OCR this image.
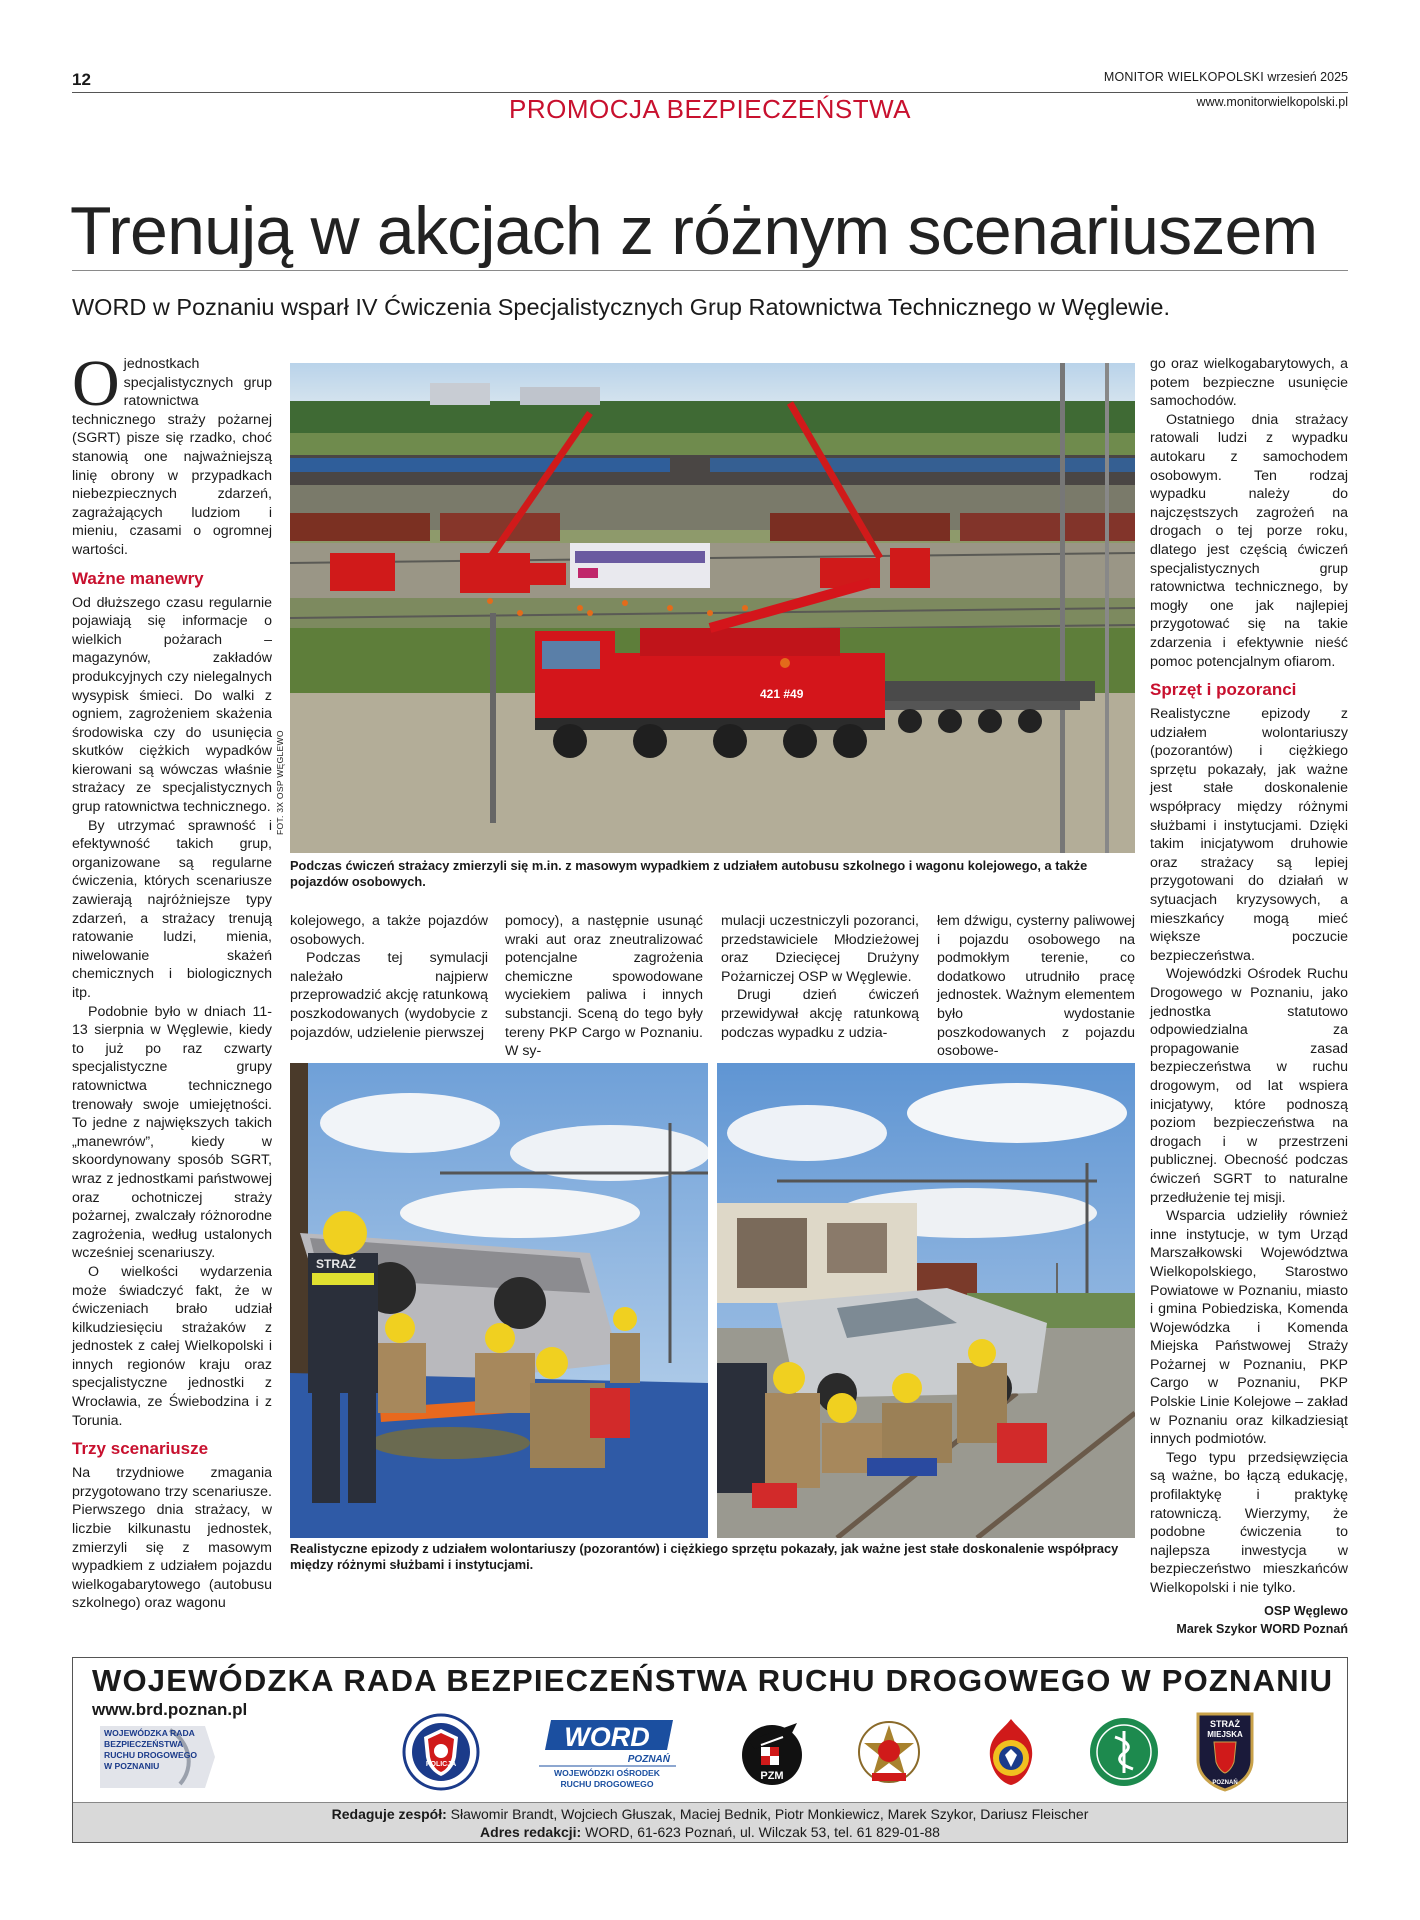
12
PROMOCJA BEZPIECZEŃSTWA
MONITOR WIELKOPOLSKI wrzesień 2025
www.monitorwielkopolski.pl
Trenują w akcjach z różnym scenariuszem
WORD w Poznaniu wsparł IV Ćwiczenia Specjalistycznych Grup Ratownictwa Technicznego w Węglewie.

Ojednostkach specjalistycznych grup ratownictwa technicznego straży pożarnej (SGRT) pisze się rzadko, choć stanowią one najważniejszą linię obrony w przypadkach niebezpiecznych zdarzeń, zagrażających ludziom i mieniu, czasami o ogromnej wartości.

Ważne manewry

Od dłuższego czasu regularnie pojawiają się informacje o wielkich pożarach – magazynów, zakładów produkcyjnych czy nielegalnych wysypisk śmieci. Do walki z ogniem, zagrożeniem skażenia środowiska czy do usunięcia skutków ciężkich wypadków kierowani są wówczas właśnie strażacy ze specjalistycznych grup ratownictwa technicznego.

By utrzymać sprawność i efektywność takich grup, organizowane są regularne ćwiczenia, których scenariusze zawierają najróżniejsze typy zdarzeń, a strażacy trenują ratowanie ludzi, mienia, niwelowanie skażeń chemicznych i biologicznych itp.

Podobnie było w dniach 11-13 sierpnia w Węglewie, kiedy to już po raz czwarty specjalistyczne grupy ratownictwa technicznego trenowały swoje umiejętności. To jedne z największych takich „manewrów”, kiedy w skoordynowany sposób SGRT, wraz z jednostkami państwowej oraz ochotniczej straży pożarnej, zwalczały różnorodne zagrożenia, według ustalonych wcześniej scenariuszy.

O wielkości wydarzenia może świadczyć fakt, że w ćwiczeniach brało udział kilkudziesięciu strażaków z jednostek z całej Wielkopolski i innych regionów kraju oraz specjalistyczne jednostki z Wrocławia, ze Świebodzina i z Torunia.

Trzy scenariusze

Na trzydniowe zmagania przygotowano trzy scenariusze. Pierwszego dnia strażacy, w liczbie kilkunastu jednostek, zmierzyli się z masowym wypadkiem z udziałem pojazdu wielkogabarytowego (autobusu szkolnego) oraz wagonu

421 #49
FOT. 3X OSP WĘGLEWO
Podczas ćwiczeń strażacy zmierzyli się m.in. z masowym wypadkiem z udziałem autobusu szkolnego i wagonu kolejowego, a także pojazdów osobowych.

kolejowego, a także pojazdów osobowych.

Podczas tej symulacji należało najpierw przeprowadzić akcję ratunkową poszkodowanych (wydobycie z pojazdów, udzielenie pierwszej

pomocy), a następnie usunąć wraki aut oraz zneutralizować potencjalne zagrożenia chemiczne spowodowane wyciekiem paliwa i innych substancji. Sceną do tego były tereny PKP Cargo w Poznaniu. W sy-

mulacji uczestniczyli pozoranci, przedstawiciele Młodzieżowej oraz Dziecięcej Drużyny Pożarniczej OSP w Węglewie.

Drugi dzień ćwiczeń przewidywał akcję ratunkową podczas wypadku z udzia-

łem dźwigu, cysterny paliwowej i pojazdu osobowego na podmokłym terenie, co dodatkowo utrudniło pracę jednostek. Ważnym elementem było wydostanie poszkodowanych z pojazdu osobowe-

STRAŻ
Realistyczne epizody z udziałem wolontariuszy (pozorantów) i ciężkiego sprzętu pokazały, jak ważne jest stałe doskonalenie współpracy między różnymi służbami i instytucjami.

go oraz wielkogabarytowych, a potem bezpieczne usunięcie samochodów.

Ostatniego dnia strażacy ratowali ludzi z wypadku autokaru z samochodem osobowym. Ten rodzaj wypadku należy do najczęstszych zagrożeń na drogach o tej porze roku, dlatego jest częścią ćwiczeń specjalistycznych grup ratownictwa technicznego, by mogły one jak najlepiej przygotować się na takie zdarzenia i efektywnie nieść pomoc potencjalnym ofiarom.

Sprzęt i pozoranci

Realistyczne epizody z udziałem wolontariuszy (pozorantów) i ciężkiego sprzętu pokazały, jak ważne jest stałe doskonalenie współpracy między różnymi służbami i instytucjami. Dzięki takim inicjatywom druhowie oraz strażacy są lepiej przygotowani do działań w sytuacjach kryzysowych, a mieszkańcy mogą mieć większe poczucie bezpieczeństwa.

Wojewódzki Ośrodek Ruchu Drogowego w Poznaniu, jako jednostka statutowo odpowiedzialna za propagowanie zasad bezpieczeństwa w ruchu drogowym, od lat wspiera inicjatywy, które podnoszą poziom bezpieczeństwa na drogach i w przestrzeni publicznej. Obecność podczas ćwiczeń SGRT to naturalne przedłużenie tej misji.

Wsparcia udzieliły również inne instytucje, w tym Urząd Marszałkowski Województwa Wielkopolskiego, Starostwo Powiatowe w Poznaniu, miasto i gmina Pobiedziska, Komenda Wojewódzka i Komenda Miejska Państwowej Straży Pożarnej w Poznaniu, PKP Cargo w Poznaniu, PKP Polskie Linie Kolejowe – zakład w Poznaniu oraz kilkadziesiąt innych podmiotów.

Tego typu przedsięwzięcia są ważne, bo łączą edukację, profilaktykę i praktykę ratowniczą. Wierzymy, że podobne ćwiczenia to najlepsza inwestycja w bezpieczeństwo mieszkańców Wielkopolski i nie tylko.

OSP Węglewo
Marek Szykor WORD Poznań
WOJEWÓDZKA RADA BEZPIECZEŃSTWA RUCHU DROGOWEGO W POZNANIU
www.brd.poznan.pl
WOJEWÓDZKA RADA
BEZPIECZEŃSTWA
RUCHU DROGOWEGO
W POZNANIU	POLICJA
WORD
POZNAŃ
WOJEWÓDZKI OŚRODEK
RUCHU DROGOWEGO
PZM
STRAŻ
MIEJSKA
POZNAŃ
Redaguje zespół: Sławomir Brandt, Wojciech Głuszak, Maciej Bednik, Piotr Monkiewicz, Marek Szykor, Dariusz Fleischer
Adres redakcji: WORD, 61-623 Poznań, ul. Wilczak 53, tel. 61 829-01-88
